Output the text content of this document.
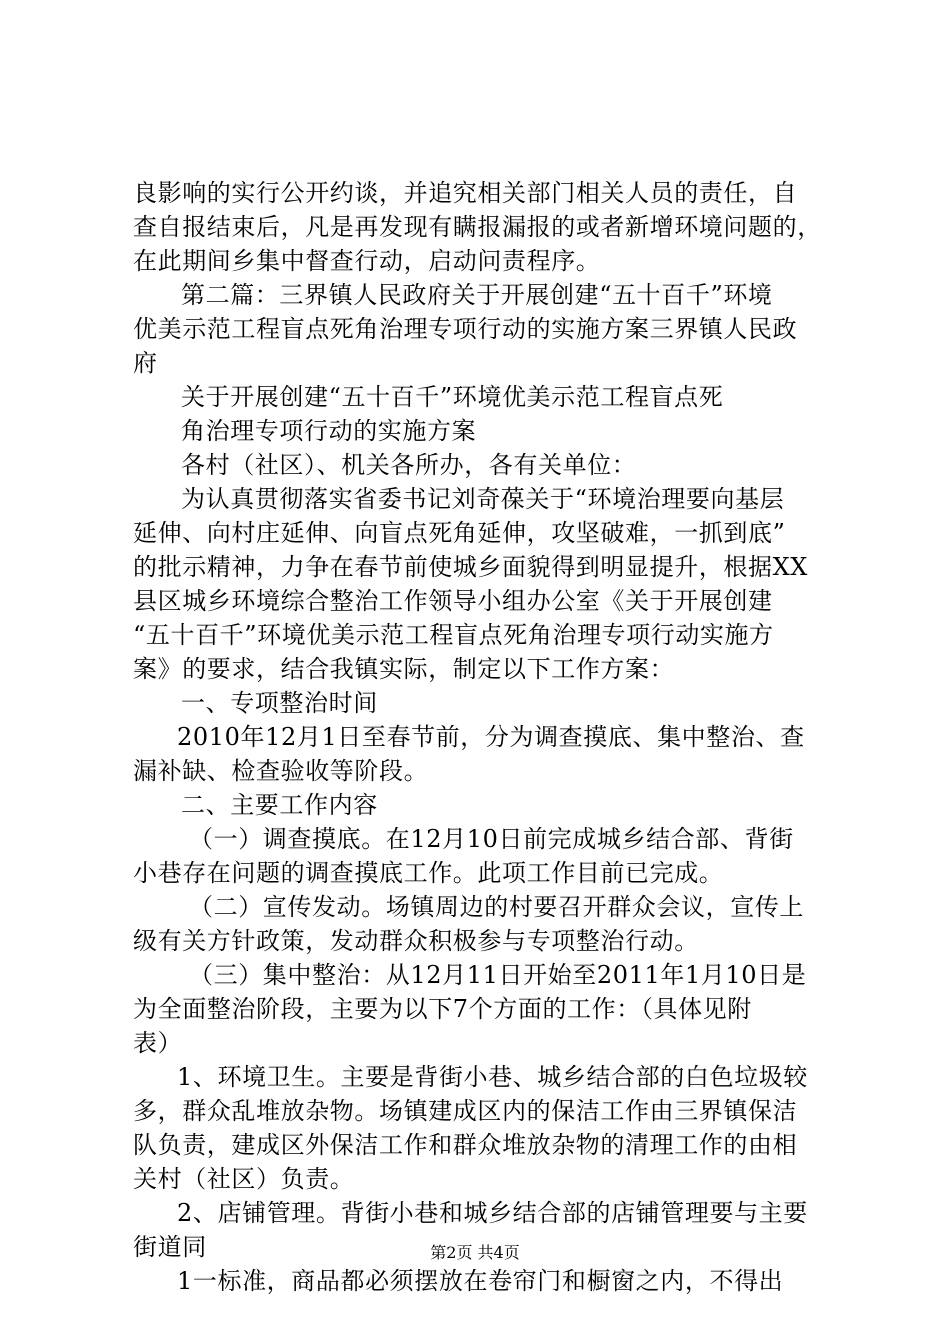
良影响的实行公开约谈，并追究相关部门相关人员的责任，自
查自报结束后，凡是再发现有瞒报漏报的或者新增环境问题的，
在此期间乡集中督查行动，启动问责程序。
第二篇：三界镇人民政府关于开展创建“五十百千”环境
优美示范工程盲点死角治理专项行动的实施方案三界镇人民政
府
关于开展创建“五十百千”环境优美示范工程盲点死
角治理专项行动的实施方案
各村（社区）、机关各所办，各有关单位：
为认真贯彻落实省委书记刘奇葆关于“环境治理要向基层
延伸、向村庄延伸、向盲点死角延伸，攻坚破难，一抓到底”
的批示精神，力争在春节前使城乡面貌得到明显提升，根据XX
县区城乡环境综合整治工作领导小组办公室《关于开展创建
“五十百千”环境优美示范工程盲点死角治理专项行动实施方
案》的要求，结合我镇实际，制定以下工作方案：
一、专项整治时间
2010年12月1日至春节前，分为调查摸底、集中整治、查
漏补缺、检查验收等阶段。
二、主要工作内容
（一）调查摸底。在12月10日前完成城乡结合部、背街
小巷存在问题的调查摸底工作。此项工作目前已完成。
（二）宣传发动。场镇周边的村要召开群众会议，宣传上
级有关方针政策，发动群众积极参与专项整治行动。
（三）集中整治：从12月11日开始至2011年1月10日是
为全面整治阶段，主要为以下7个方面的工作：（具体见附
表）
1、环境卫生。主要是背街小巷、城乡结合部的白色垃圾较
多，群众乱堆放杂物。场镇建成区内的保洁工作由三界镇保洁
队负责，建成区外保洁工作和群众堆放杂物的清理工作的由相
关村（社区）负责。
2、店铺管理。背街小巷和城乡结合部的店铺管理要与主要
街道同
1一标准，商品都必须摆放在卷帘门和橱窗之内，不得出
第2页 共4页
